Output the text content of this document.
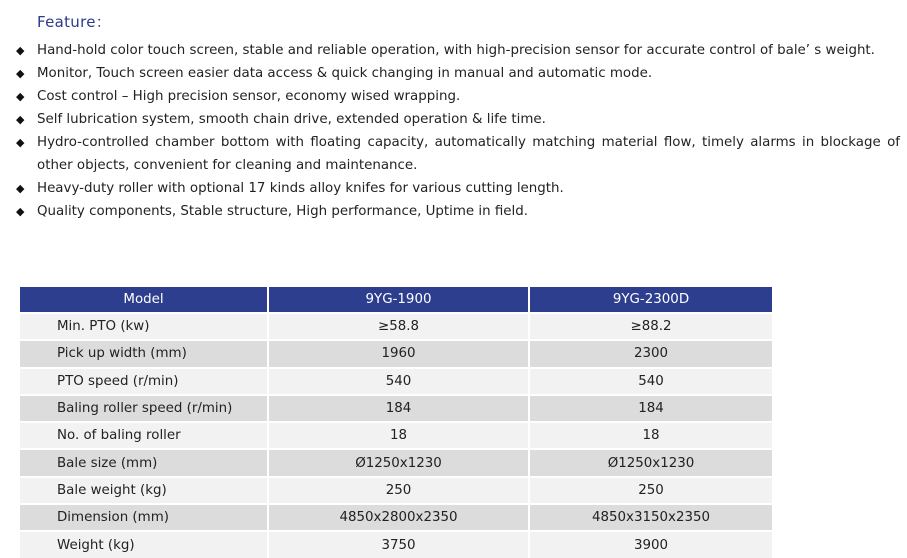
Feature：
◆ Hand-hold color touch screen, stable and reliable operation, with high-precision sensor for accurate control of bale’ s weight.
◆ Monitor, Touch screen easier data access & quick changing in manual and automatic mode.
◆ Cost control – High precision sensor, economy wised wrapping.
◆ Self lubrication system, smooth chain drive, extended operation & life time.
◆ Hydro-controlled chamber bottom with floating capacity, automatically matching material flow, timely alarms in blockage of other objects, convenient for cleaning and maintenance.
◆ Heavy-duty roller with optional 17 kinds alloy knifes for various cutting length.
◆ Quality components, Stable structure, High performance, Uptime in field.
Model	9YG-1900	9YG-2300D
Min. PTO (kw)	≥58.8	≥88.2
Pick up width (mm)	1960	2300
PTO speed (r/min)	540	540
Baling roller speed (r/min)	184	184
No. of baling roller	18	18
Bale size (mm)	Ø1250x1230	Ø1250x1230
Bale weight (kg)	250	250
Dimension (mm)	4850x2800x2350	4850x3150x2350
Weight (kg)	3750	3900
